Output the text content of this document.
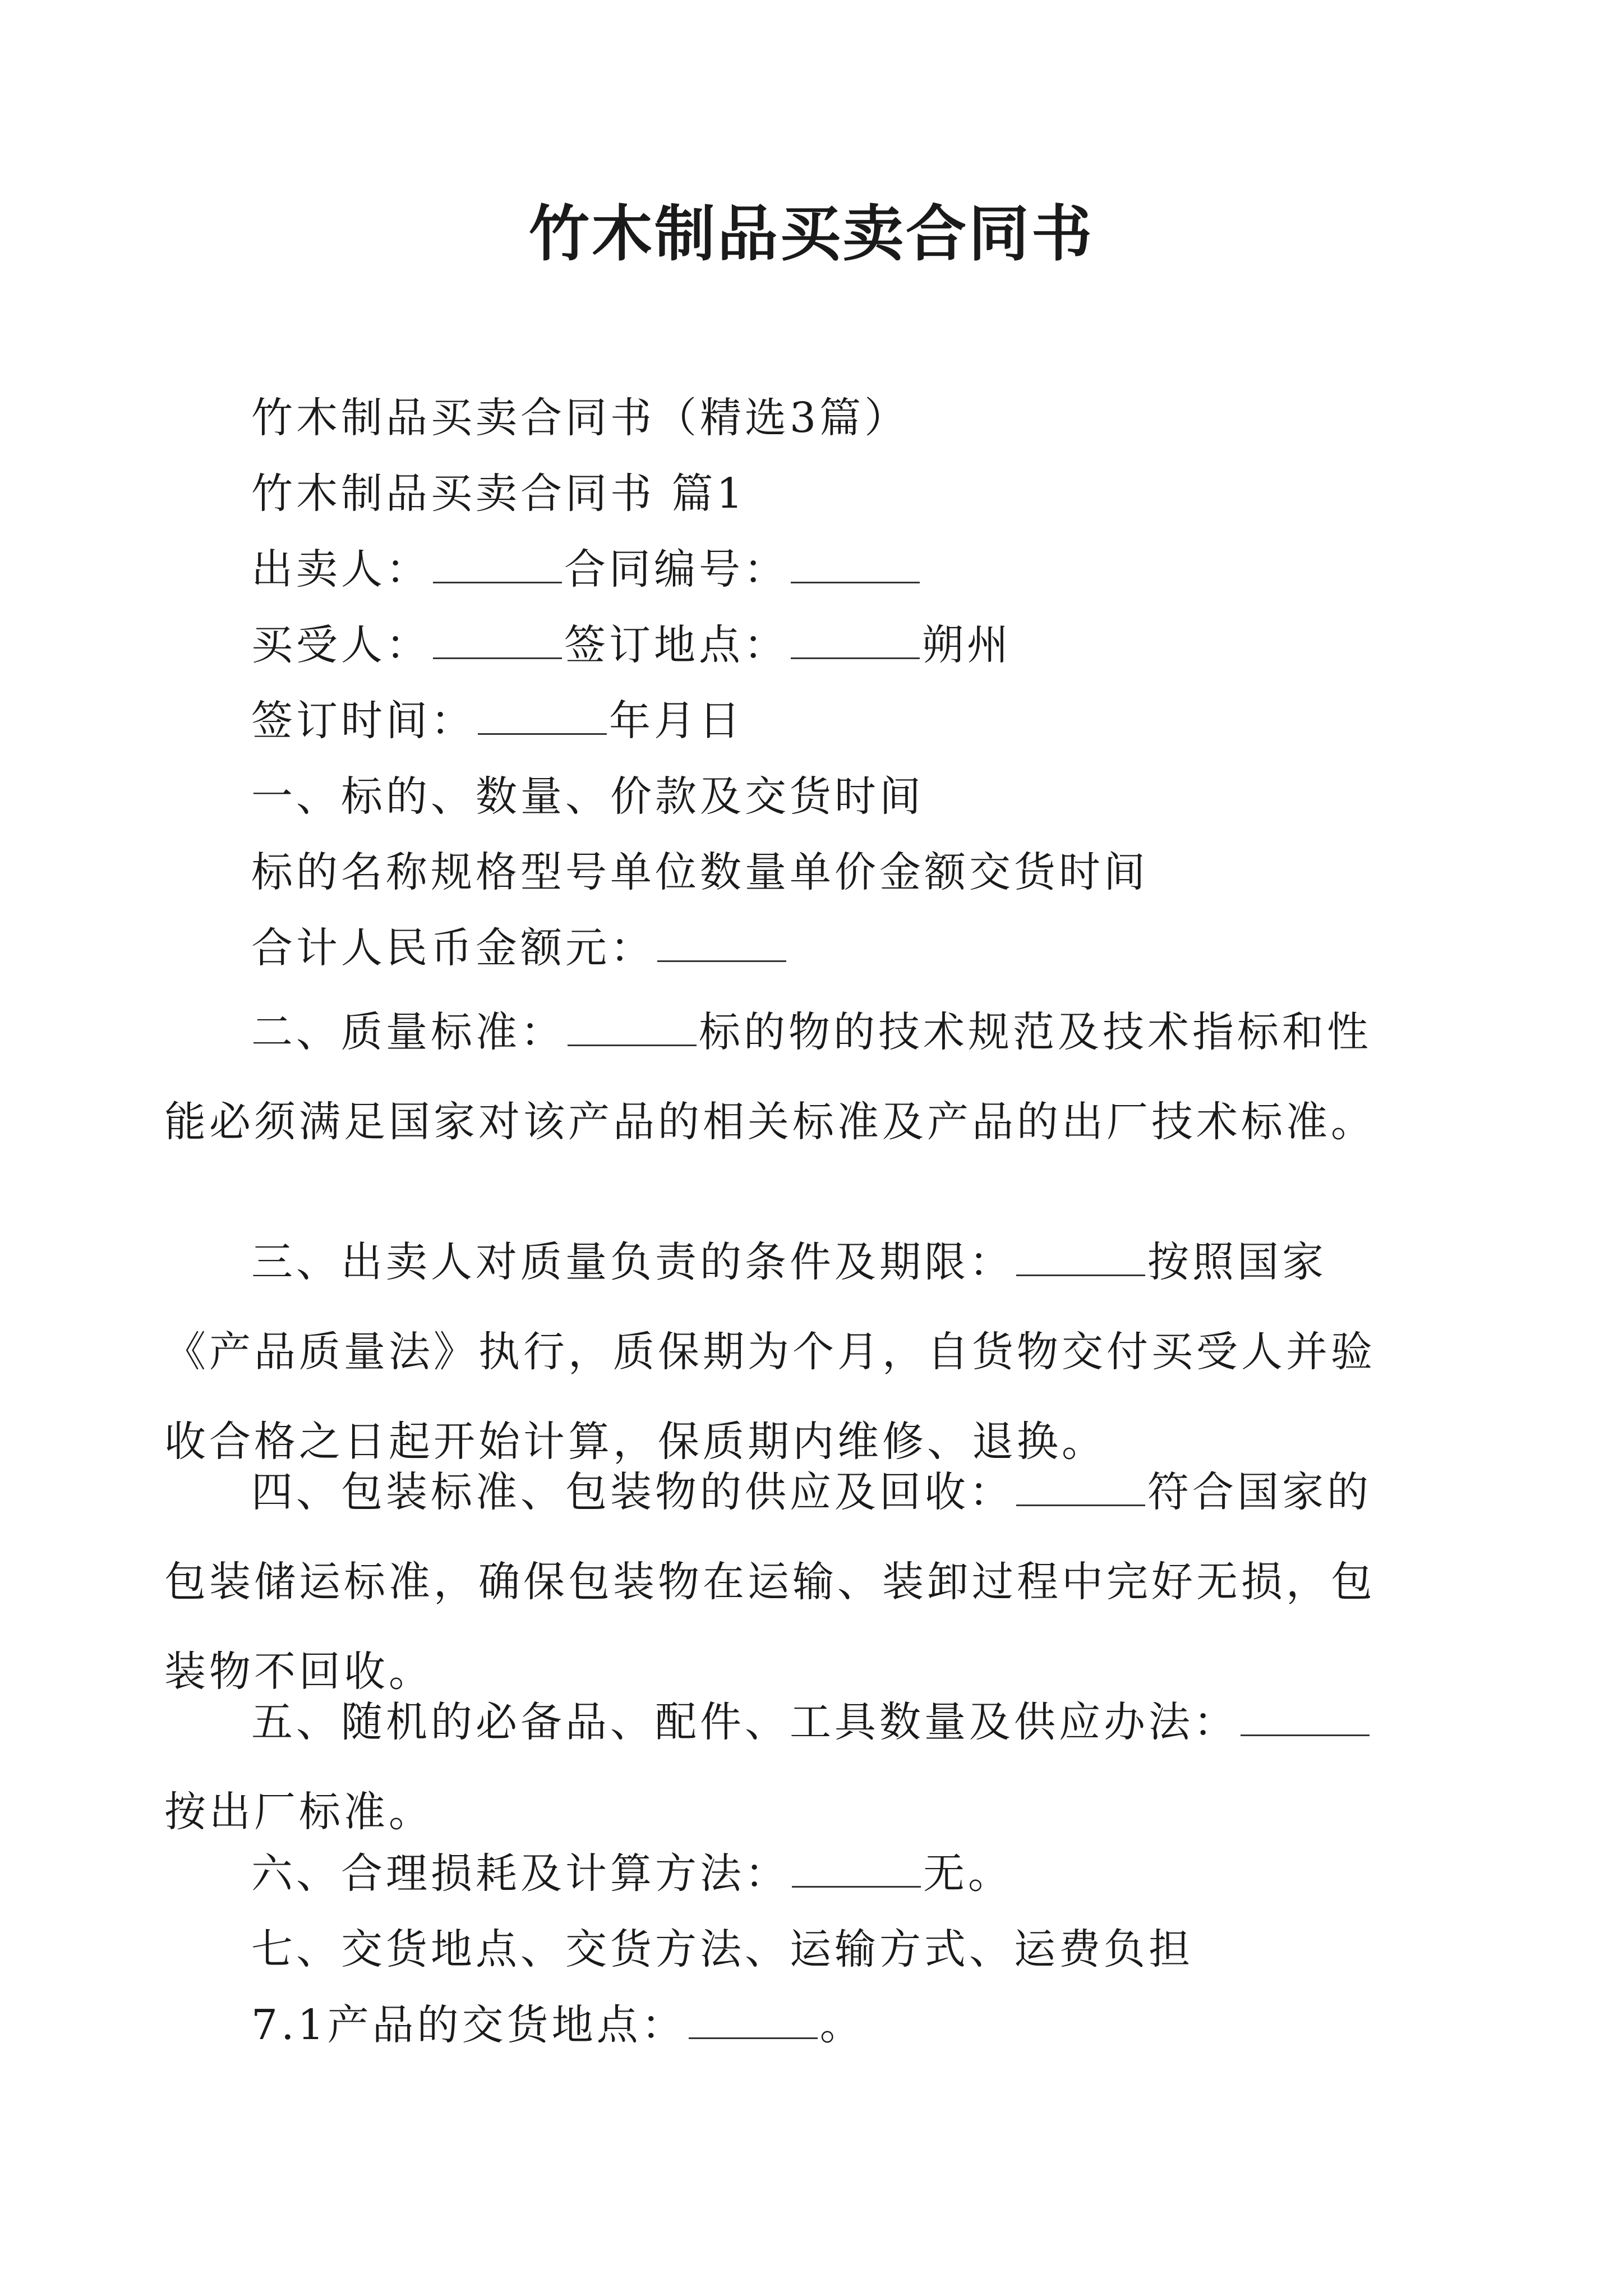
竹木制品买卖合同书

竹木制品买卖合同书（精选3篇）

竹木制品买卖合同书 篇1

出卖人：	合同编号：

买受人：	签订地点：	朔州

签订时间：	年月日

一、标的、数量、价款及交货时间

标的名称规格型号单位数量单价金额交货时间

合计人民币金额元：

二、质量标准：	标的物的技术规范及技术指标和性能必须满足国家对该产品的相关标准及产品的出厂技术标准。

三、出卖人对质量负责的条件及期限：	按照国家《产品质量法》执行，质保期为个月，自货物交付买受人并验收合格之日起开始计算，保质期内维修、退换。

四、包装标准、包装物的供应及回收：	符合国家的包装储运标准，确保包装物在运输、装卸过程中完好无损，包装物不回收。

五、随机的必备品、配件、工具数量及供应办法：按出厂标准。

六、合理损耗及计算方法：	无。

七、交货地点、交货方法、运输方式、运费负担

7.1产品的交货地点：	。
